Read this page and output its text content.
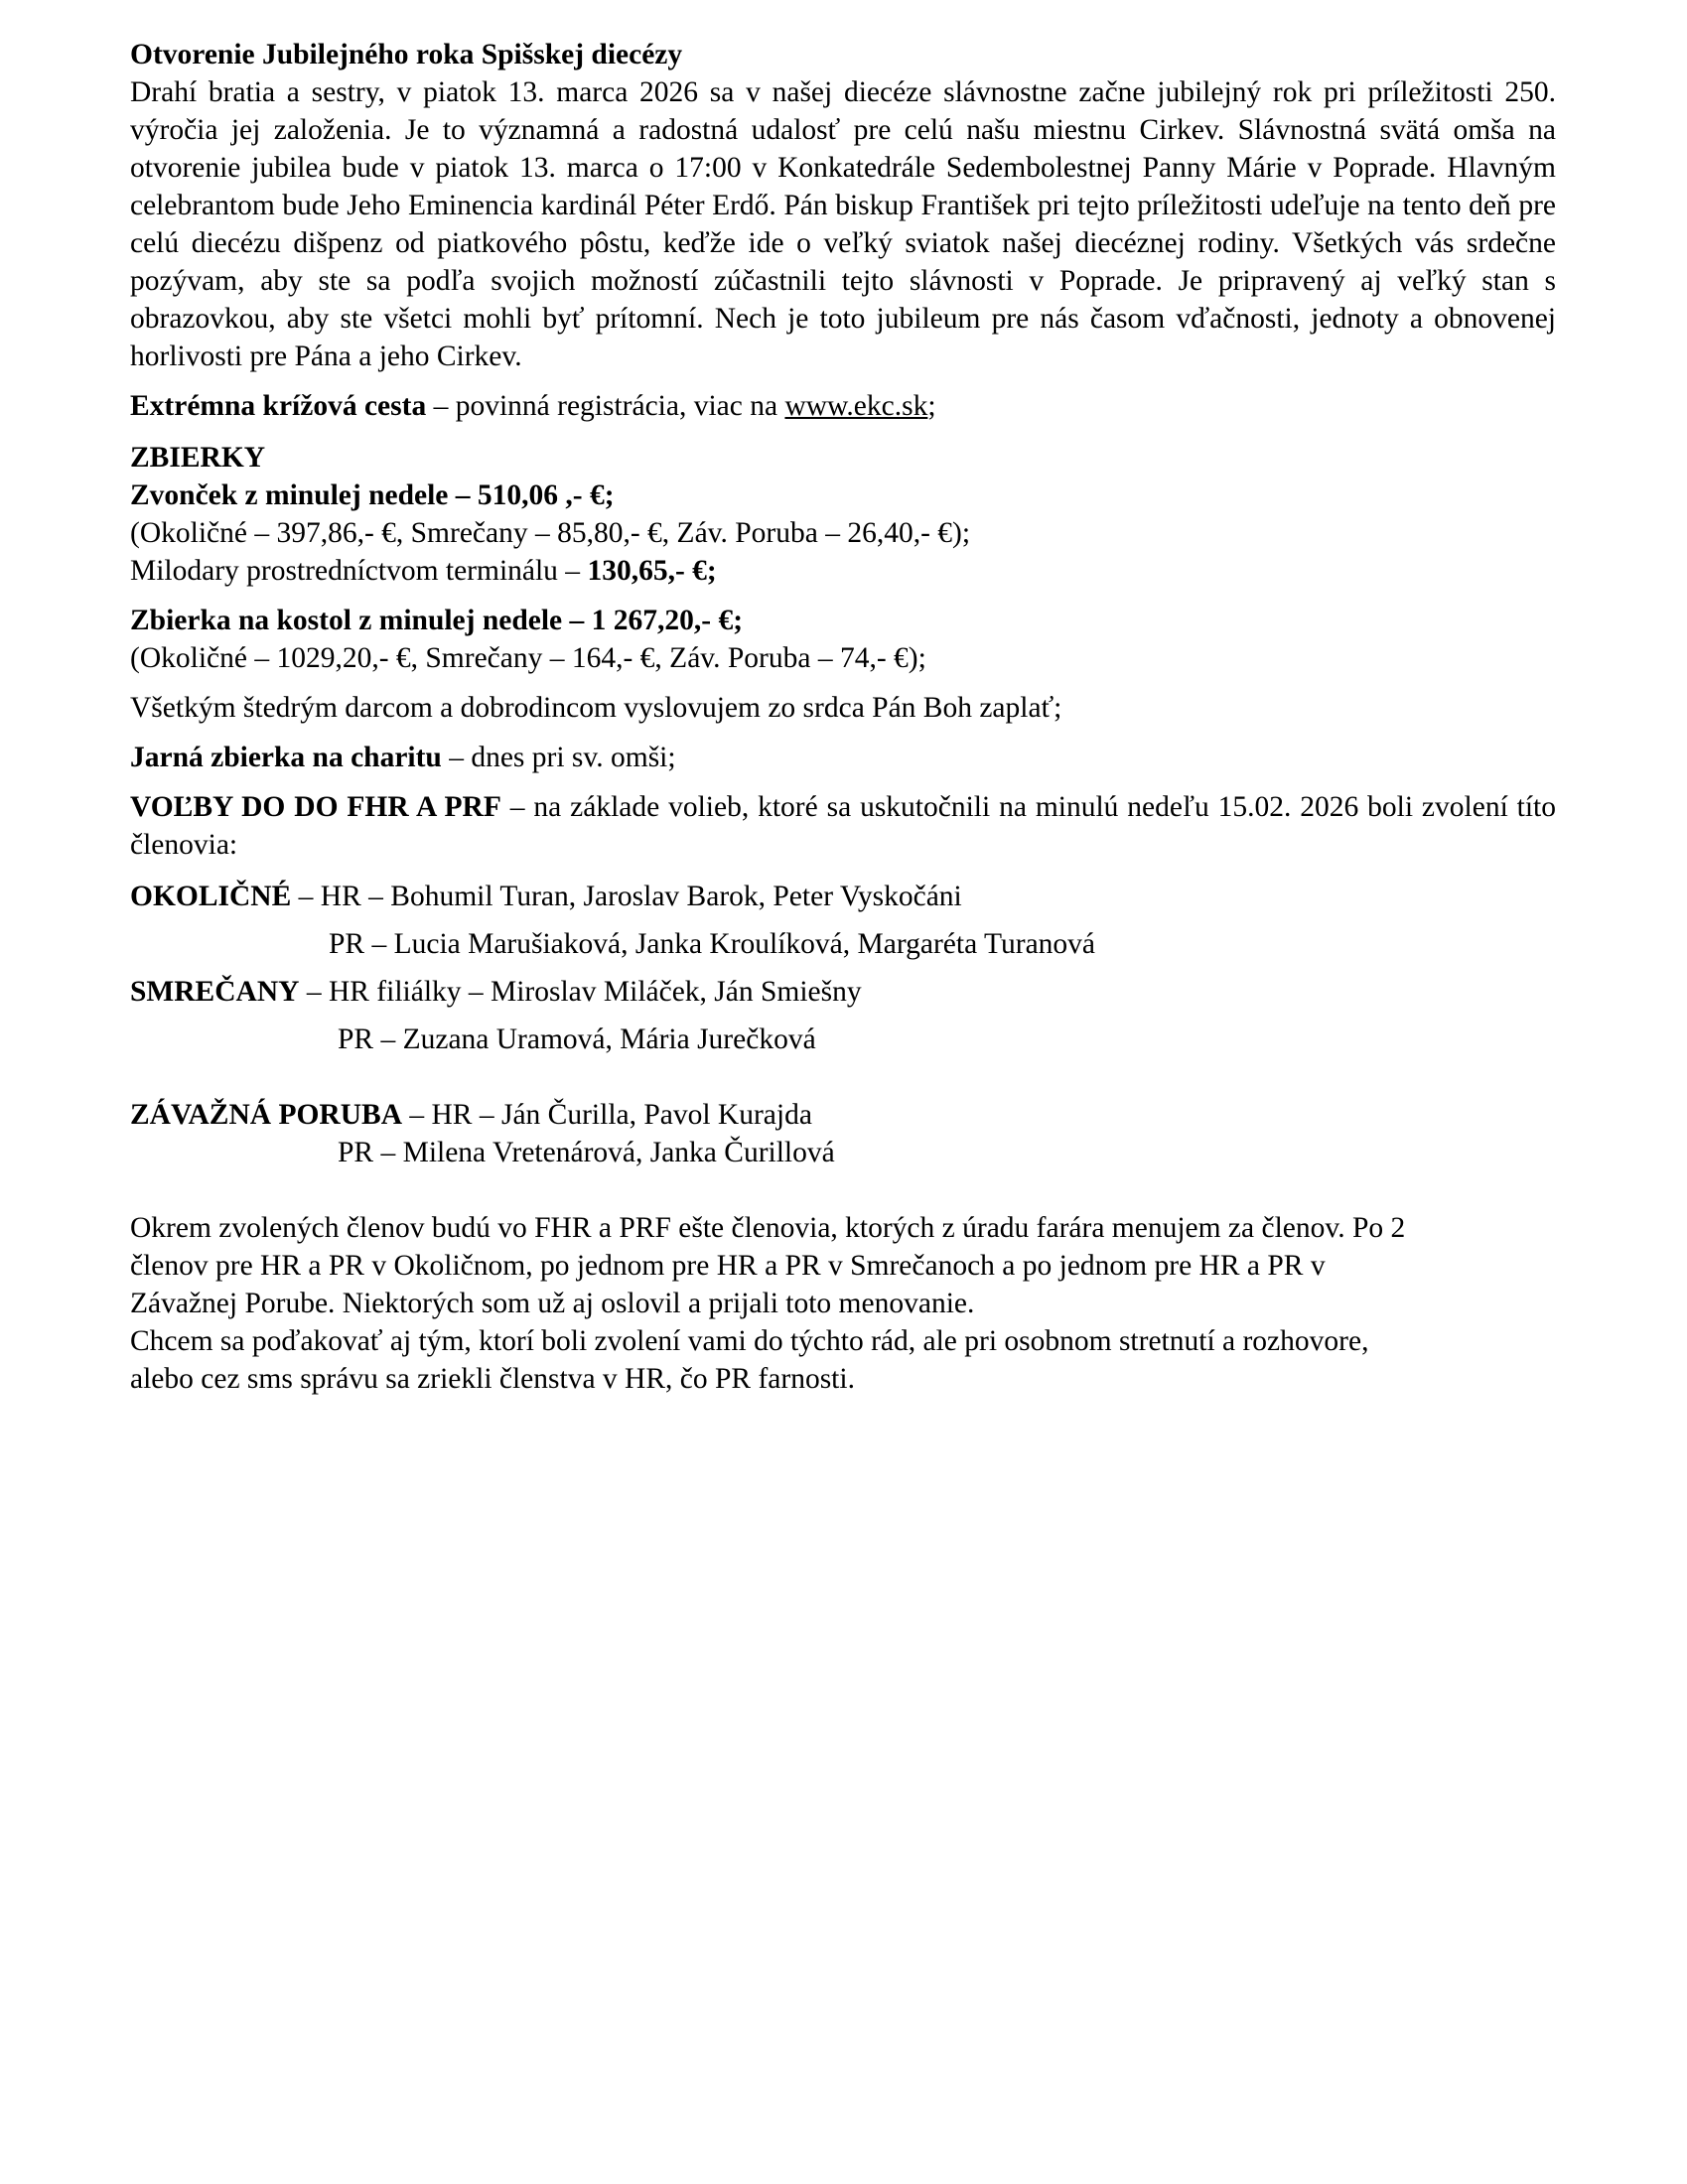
Otvorenie Jubilejného roka Spišskej diecézy

Drahí bratia a sestry, v piatok 13. marca 2026 sa v našej diecéze slávnostne začne jubilejný rok pri príležitosti 250. výročia jej založenia. Je to významná a radostná udalosť pre celú našu miestnu Cirkev. Slávnostná svätá omša na otvorenie jubilea bude v piatok 13. marca o 17:00 v Konkatedrále Sedembolestnej Panny Márie v Poprade. Hlavným celebrantom bude Jeho Eminencia kardinál Péter Erdő. Pán biskup František pri tejto príležitosti udeľuje na tento deň pre celú diecézu dišpenz od piatkového pôstu, keďže ide o veľký sviatok našej diecéznej rodiny. Všetkých vás srdečne pozývam, aby ste sa podľa svojich možností zúčastnili tejto slávnosti v Poprade. Je pripravený aj veľký stan s obrazovkou, aby ste všetci mohli byť prítomní. Nech je toto jubileum pre nás časom vďačnosti, jednoty a obnovenej horlivosti pre Pána a jeho Cirkev.

Extrémna krížová cesta – povinná registrácia, viac na www.ekc.sk;

ZBIERKY

Zvonček z minulej nedele – 510,06 ,- €;

(Okoličné – 397,86,- €, Smrečany – 85,80,- €, Záv. Poruba – 26,40,- €);

Milodary prostredníctvom terminálu – 130,65,- €;

Zbierka na kostol z minulej nedele – 1 267,20,- €;

(Okoličné – 1029,20,- €, Smrečany – 164,- €, Záv. Poruba – 74,- €);

Všetkým štedrým darcom a dobrodincom vyslovujem zo srdca Pán Boh zaplať;

Jarná zbierka na charitu – dnes pri sv. omši;

VOĽBY DO DO FHR A PRF – na základe volieb, ktoré sa uskutočnili na minulú nedeľu 15.02. 2026 boli zvolení títo členovia:

OKOLIČNÉ – HR – Bohumil Turan, Jaroslav Barok, Peter Vyskočáni

PR – Lucia Marušiaková, Janka Kroulíková, Margaréta Turanová

SMREČANY – HR filiálky – Miroslav Miláček, Ján Smiešny

PR – Zuzana Uramová, Mária Jurečková

ZÁVAŽNÁ PORUBA – HR – Ján Čurilla, Pavol Kurajda

PR – Milena Vretenárová, Janka Čurillová

Okrem zvolených členov budú vo FHR a PRF ešte členovia, ktorých z úradu farára menujem za členov. Po 2

členov pre HR a PR v Okoličnom, po jednom pre HR a PR v Smrečanoch a po jednom pre HR a PR v

Závažnej Porube. Niektorých som už aj oslovil a prijali toto menovanie.

Chcem sa poďakovať aj tým, ktorí boli zvolení vami do týchto rád, ale pri osobnom stretnutí a rozhovore,

alebo cez sms správu sa zriekli členstva v HR, čo PR farnosti.
